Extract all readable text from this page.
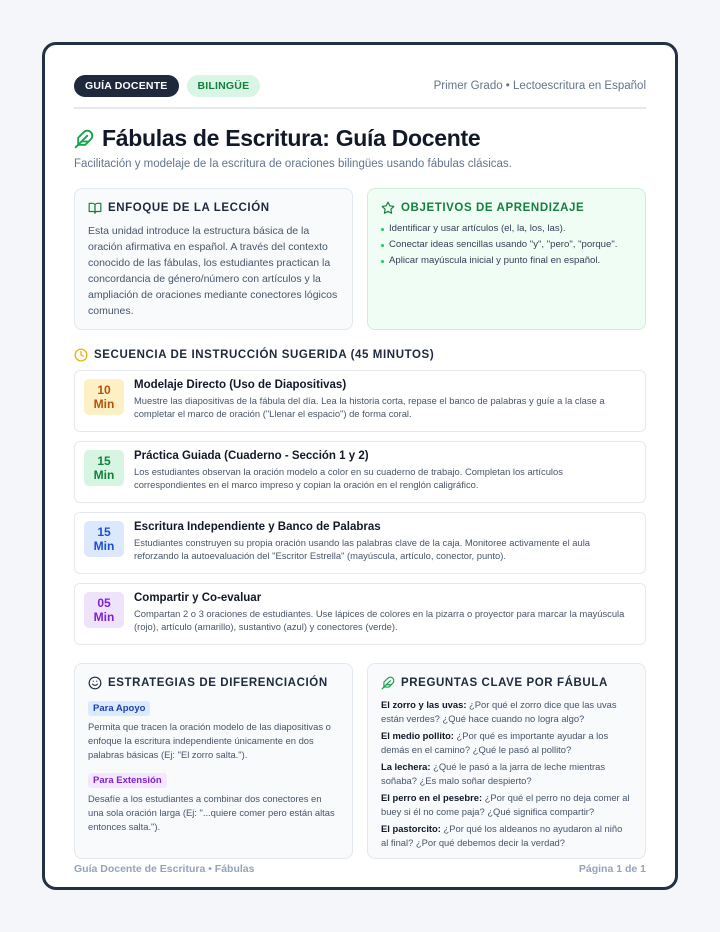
GUÍA DOCENTE	BILINGÜE	Primer Grado • Lectoescritura en Español
Fábulas de Escritura: Guía Docente

Facilitación y modelaje de la escritura de oraciones bilingües usando fábulas clásicas.

ENFOQUE DE LA LECCIÓN

Esta unidad introduce la estructura básica de la oración afirmativa en español. A través del contexto conocido de las fábulas, los estudiantes practican la concordancia de género/número con artículos y la ampliación de oraciones mediante conectores lógicos comunes.

OBJETIVOS DE APRENDIZAJE
Identificar y usar artículos (el, la, los, las).
Conectar ideas sencillas usando "y", "pero", "porque".
Aplicar mayúscula inicial y punto final en español.
SECUENCIA DE INSTRUCCIÓN SUGERIDA (45 MINUTOS)
10
Min
Modelaje Directo (Uso de Diapositivas)
Muestre las diapositivas de la fábula del día. Lea la historia corta, repase el banco de palabras y guíe a la clase a completar el marco de oración ("Llenar el espacio") de forma coral.
15
Min
Práctica Guiada (Cuaderno - Sección 1 y 2)
Los estudiantes observan la oración modelo a color en su cuaderno de trabajo. Completan los artículos correspondientes en el marco impreso y copian la oración en el renglón caligráfico.
15
Min
Escritura Independiente y Banco de Palabras
Estudiantes construyen su propia oración usando las palabras clave de la caja. Monitoree activamente el aula reforzando la autoevaluación del "Escritor Estrella" (mayúscula, artículo, conector, punto).
05
Min
Compartir y Co-evaluar
Compartan 2 o 3 oraciones de estudiantes. Use lápices de colores en la pizarra o proyector para marcar la mayúscula (rojo), artículo (amarillo), sustantivo (azul) y conectores (verde).
ESTRATEGIAS DE DIFERENCIACIÓN
Para Apoyo

Permita que tracen la oración modelo de las diapositivas o enfoque la escritura independiente únicamente en dos palabras básicas (Ej: "El zorro salta.").

Para Extensión

Desafíe a los estudiantes a combinar dos conectores en una sola oración larga (Ej: "...quiere comer pero están altas entonces salta.").

PREGUNTAS CLAVE POR FÁBULA

El zorro y las uvas: ¿Por qué el zorro dice que las uvas están verdes? ¿Qué hace cuando no logra algo?

El medio pollito: ¿Por qué es importante ayudar a los demás en el camino? ¿Qué le pasó al pollito?

La lechera: ¿Qué le pasó a la jarra de leche mientras soñaba? ¿Es malo soñar despierto?

El perro en el pesebre: ¿Por qué el perro no deja comer al buey si él no come paja? ¿Qué significa compartir?

El pastorcito: ¿Por qué los aldeanos no ayudaron al niño al final? ¿Por qué debemos decir la verdad?

Guía Docente de Escritura • Fábulas	Página 1 de 1
